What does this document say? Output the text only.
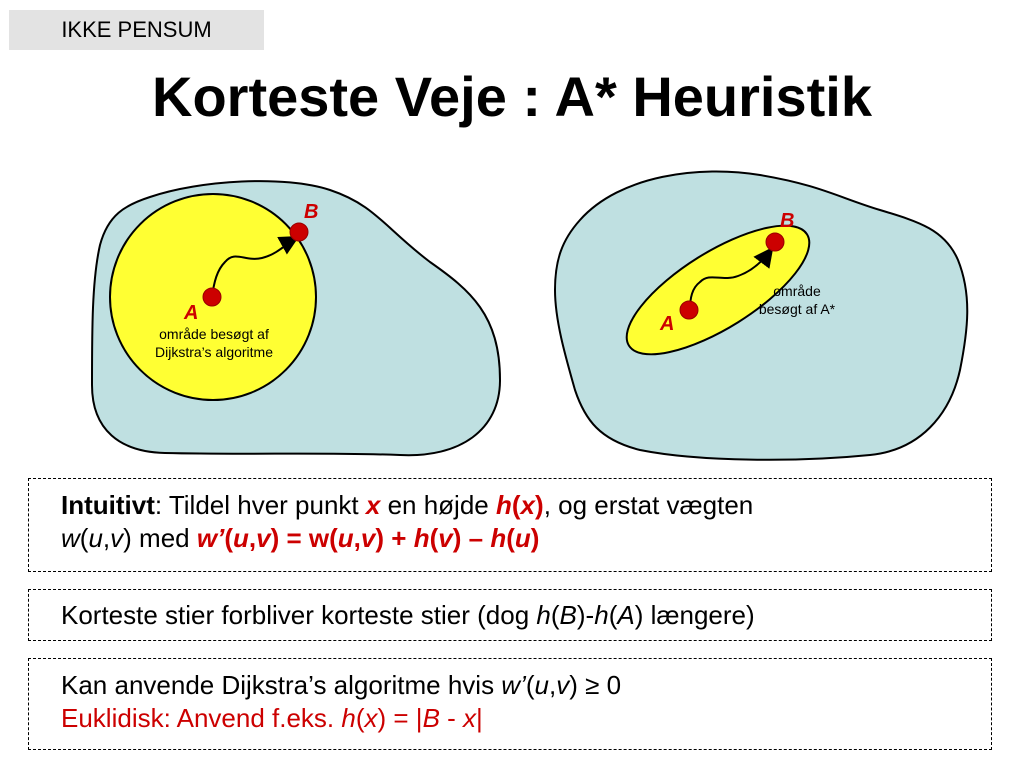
IKKE PENSUM
Korteste Veje : A* Heuristik
B
A
område besøgt af
Dijkstra’s algoritme
B
A
område
besøgt af A*
Intuitivt: Tildel hver punkt x en højde h(x), og erstat vægten
w(u,v) med w’(u,v) = w(u,v) + h(v) – h(u)
Korteste stier forbliver korteste stier (dog h(B)-h(A) længere)
Kan anvende Dijkstra’s algoritme hvis w’(u,v) ≥ 0
Euklidisk: Anvend f.eks. h(x) = |B - x|
